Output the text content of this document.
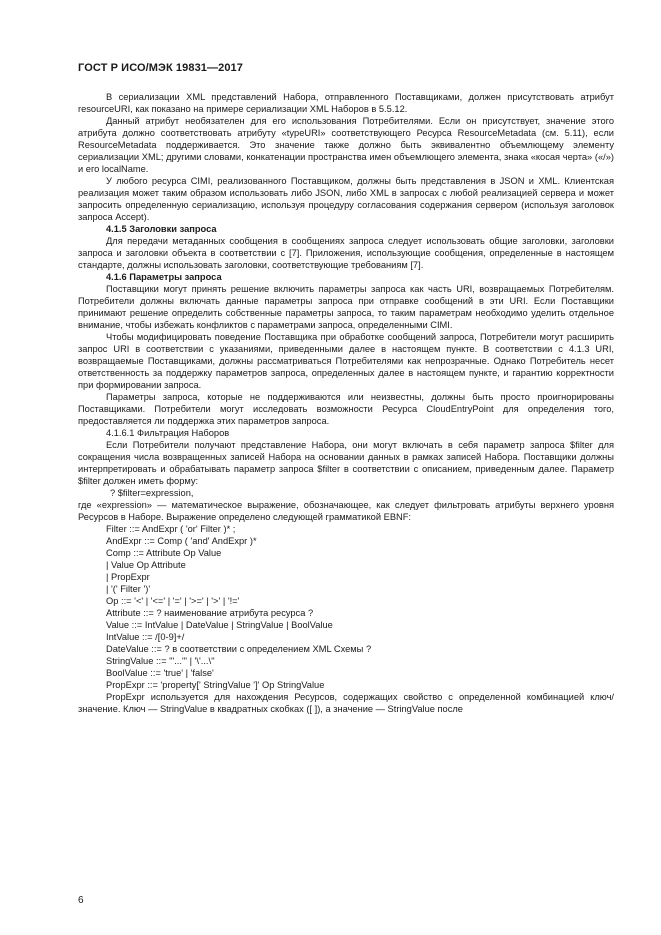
ГОСТ Р ИСО/МЭК 19831—2017

В сериализации XML представлений Набора, отправленного Поставщиками, должен присутствовать атрибут resourceURI, как показано на примере сериализации XML Наборов в 5.5.12.

Данный атрибут необязателен для его использования Потребителями. Если он присутствует, значение этого атрибута должно соответствовать атрибуту «typeURI» соответствующего Ресурса ResourceMetadata (см. 5.11), если ResourceMetadata поддерживается. Это значение также должно быть эквивалентно объемлющему элементу сериализации XML; другими словами, конкатенации пространства имен объемлющего элемента, знака «косая черта» («/») и его localName.

У любого ресурса CIMI, реализованного Поставщиком, должны быть представления в JSON и XML. Клиентская реализация может таким образом использовать либо JSON, либо XML в запросах с любой реализацией сервера и может запросить определенную сериализацию, используя процедуру согласования содержания сервером (используя заголовок запроса Accept).

4.1.5 Заголовки запроса

Для передачи метаданных сообщения в сообщениях запроса следует использовать общие заголовки, заголовки запроса и заголовки объекта в соответствии с [7]. Приложения, использующие сообщения, определенные в настоящем стандарте, должны использовать заголовки, соответствующие требованиям [7].

4.1.6 Параметры запроса

Поставщики могут принять решение включить параметры запроса как часть URI, возвращаемых Потребителям. Потребители должны включать данные параметры запроса при отправке сообщений в эти URI. Если Поставщики принимают решение определить собственные параметры запроса, то таким параметрам необходимо уделить отдельное внимание, чтобы избежать конфликтов с параметрами запроса, определенными CIMI.

Чтобы модифицировать поведение Поставщика при обработке сообщений запроса, Потребители могут расширить запрос URI в соответствии с указаниями, приведенными далее в настоящем пункте. В соответствии с 4.1.3 URI, возвращаемые Поставщиками, должны рассматриваться Потребителями как непрозрачные. Однако Потребитель несет ответственность за поддержку параметров запроса, определенных далее в настоящем пункте, и гарантию корректности при формировании запроса.

Параметры запроса, которые не поддерживаются или неизвестны, должны быть просто проигнорированы Поставщиками. Потребители могут исследовать возможности Ресурса CloudEntryPoint для определения того, предоставляется ли поддержка этих параметров запроса.

4.1.6.1 Фильтрация Наборов

Если Потребители получают представление Набора, они могут включать в себя параметр запроса $filter для сокращения числа возвращенных записей Набора на основании данных в рамках записей Набора. Поставщики должны интерпретировать и обрабатывать параметр запроса $filter в соответствии с описанием, приведенным далее. Параметр $filter должен иметь форму:

? $filter=expression,
где «expression» — математическое выражение, обозначающее, как следует фильтровать атрибуты верхнего уровня Ресурсов в Наборе. Выражение определено следующей грамматикой EBNF:
Filter ::= AndExpr ( 'or' Filter )* ;
AndExpr ::= Comp ( 'and' AndExpr )*
Comp ::= Attribute Op Value
| Value Op Attribute
| PropExpr
| '(' Filter ')'
Op ::= '<' | '<=' | '=' | '>=' | '>' | '!='
Attribute ::= ? наименование атрибута ресурса ?
Value ::= IntValue | DateValue | StringValue | BoolValue
IntValue ::= /[0-9]+/
DateValue ::= ? в соответствии с определением XML Схемы ?
StringValue ::= '"..."' | '\'...\''
BoolValue ::= 'true' | 'false'
PropExpr ::= 'property[' StringValue ']' Op StringValue

PropExpr используется для нахождения Ресурсов, содержащих свойство с определенной комбинацией ключ/значение. Ключ — StringValue в квадратных скобках ([ ]), а значение — StringValue после

6
